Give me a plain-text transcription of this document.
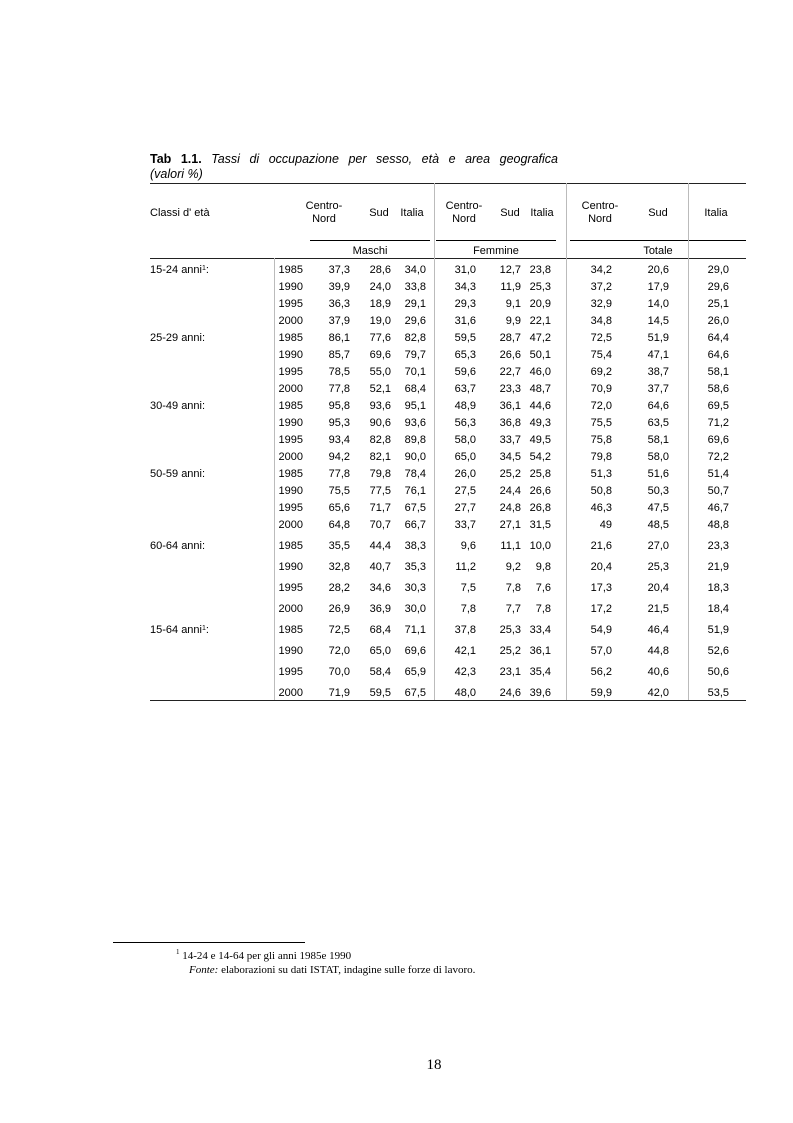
Tab 1.1. Tassi di occupazione per sesso, età e area geografica
(valori %)
Classi d' età
Centro-
Nord	Sud	Italia
Centro-
Nord	Sud Italia
Centro-
Nord	Sud	Italia
Maschi	Femmine	Totale
15-24 anni$^1$:	1985	37,3	28,6	34,0	31,0	12,7 23,8	34,2	20,6	29,0
1990	39,9	24,0	33,8	34,3	11,9 25,3	37,2	17,9	29,6
1995	36,3	18,9	29,1	29,3	9,1 20,9	32,9	14,0	25,1
2000	37,9	19,0	29,6	31,6	9,9 22,1	34,8	14,5	26,0
25-29 anni:	1985	86,1	77,6	82,8	59,5	28,7 47,2	72,5	51,9	64,4
1990	85,7	69,6	79,7	65,3	26,6 50,1	75,4	47,1	64,6
1995	78,5	55,0	70,1	59,6	22,7 46,0	69,2	38,7	58,1
2000	77,8	52,1	68,4	63,7	23,3 48,7	70,9	37,7	58,6
30-49 anni:	1985	95,8	93,6	95,1	48,9	36,1 44,6	72,0	64,6	69,5
1990	95,3	90,6	93,6	56,3	36,8 49,3	75,5	63,5	71,2
1995	93,4	82,8	89,8	58,0	33,7 49,5	75,8	58,1	69,6
2000	94,2	82,1	90,0	65,0	34,5 54,2	79,8	58,0	72,2
50-59 anni:	1985	77,8	79,8	78,4	26,0	25,2 25,8	51,3	51,6	51,4
1990	75,5	77,5	76,1	27,5	24,4 26,6	50,8	50,3	50,7
1995	65,6	71,7	67,5	27,7	24,8 26,8	46,3	47,5	46,7
2000	64,8	70,7	66,7	33,7	27,1 31,5	49	48,5	48,8
60-64 anni:	1985	35,5	44,4	38,3	9,6	11,1 10,0	21,6	27,0	23,3
1990	32,8	40,7	35,3	11,2	9,2	9,8	20,4	25,3	21,9
1995	28,2	34,6	30,3	7,5	7,8	7,6	17,3	20,4	18,3
2000	26,9	36,9	30,0	7,8	7,7	7,8	17,2	21,5	18,4
15-64 anni$^1$:	1985	72,5	68,4	71,1	37,8	25,3 33,4	54,9	46,4	51,9
1990	72,0	65,0	69,6	42,1	25,2 36,1	57,0	44,8	52,6
1995	70,0	58,4	65,9	42,3	23,1 35,4	56,2	40,6	50,6
2000	71,9	59,5	67,5	48,0	24,6 39,6	59,9	42,0	53,5
$^1$ 14-24 e 14-64 per gli anni 1985e 1990
Fonte: elaborazioni su dati ISTAT, indagine sulle forze di lavoro.
18
